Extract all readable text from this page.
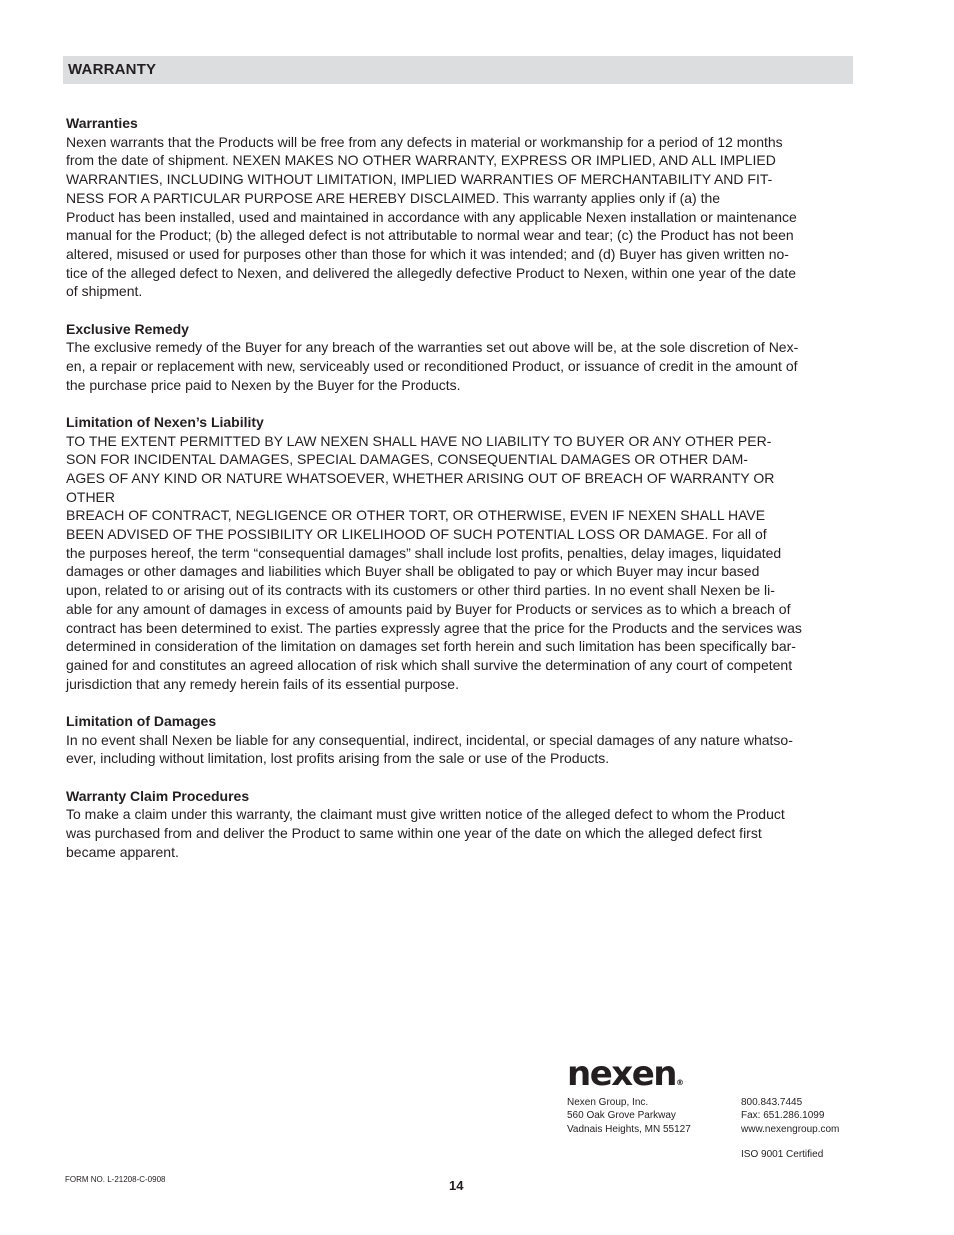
WARRANTY
Warranties

Nexen warrants that the Products will be free from any defects in material or workmanship for a period of 12 months
from the date of shipment. NEXEN MAKES NO OTHER WARRANTY, EXPRESS OR IMPLIED, AND ALL IMPLIED
WARRANTIES, INCLUDING WITHOUT LIMITATION, IMPLIED WARRANTIES OF MERCHANTABILITY AND FIT-
NESS FOR A PARTICULAR PURPOSE ARE HEREBY DISCLAIMED. This warranty applies only if (a) the
Product has been installed, used and maintained in accordance with any applicable Nexen installation or maintenance
manual for the Product; (b) the alleged defect is not attributable to normal wear and tear; (c) the Product has not been
altered, misused or used for purposes other than those for which it was intended; and (d) Buyer has given written no-
tice of the alleged defect to Nexen, and delivered the allegedly defective Product to Nexen, within one year of the date
of shipment.

Exclusive Remedy

The exclusive remedy of the Buyer for any breach of the warranties set out above will be, at the sole discretion of Nex-
en, a repair or replacement with new, serviceably used or reconditioned Product, or issuance of credit in the amount of
the purchase price paid to Nexen by the Buyer for the Products.

Limitation of Nexen’s Liability

TO THE EXTENT PERMITTED BY LAW NEXEN SHALL HAVE NO LIABILITY TO BUYER OR ANY OTHER PER-
SON FOR INCIDENTAL DAMAGES, SPECIAL DAMAGES, CONSEQUENTIAL DAMAGES OR OTHER DAM-
AGES OF ANY KIND OR NATURE WHATSOEVER, WHETHER ARISING OUT OF BREACH OF WARRANTY OR
OTHER
BREACH OF CONTRACT, NEGLIGENCE OR OTHER TORT, OR OTHERWISE, EVEN IF NEXEN SHALL HAVE
BEEN ADVISED OF THE POSSIBILITY OR LIKELIHOOD OF SUCH POTENTIAL LOSS OR DAMAGE. For all of
the purposes hereof, the term “consequential damages” shall include lost profits, penalties, delay images, liquidated
damages or other damages and liabilities which Buyer shall be obligated to pay or which Buyer may incur based
upon, related to or arising out of its contracts with its customers or other third parties. In no event shall Nexen be li-
able for any amount of damages in excess of amounts paid by Buyer for Products or services as to which a breach of
contract has been determined to exist. The parties expressly agree that the price for the Products and the services was
determined in consideration of the limitation on damages set forth herein and such limitation has been specifically bar-
gained for and constitutes an agreed allocation of risk which shall survive the determination of any court of competent
jurisdiction that any remedy herein fails of its essential purpose.

Limitation of Damages

In no event shall Nexen be liable for any consequential, indirect, incidental, or special damages of any nature whatso-
ever, including without limitation, lost profits arising from the sale or use of the Products.

Warranty Claim Procedures

To make a claim under this warranty, the claimant must give written notice of the alleged defect to whom the Product
was purchased from and deliver the Product to same within one year of the date on which the alleged defect first
became apparent.

nexen®
Nexen Group, Inc.
560 Oak Grove Parkway
Vadnais Heights, MN 55127
800.843.7445
Fax: 651.286.1099
www.nexengroup.com
ISO 9001 Certified
FORM NO. L-21208-C-0908	14
